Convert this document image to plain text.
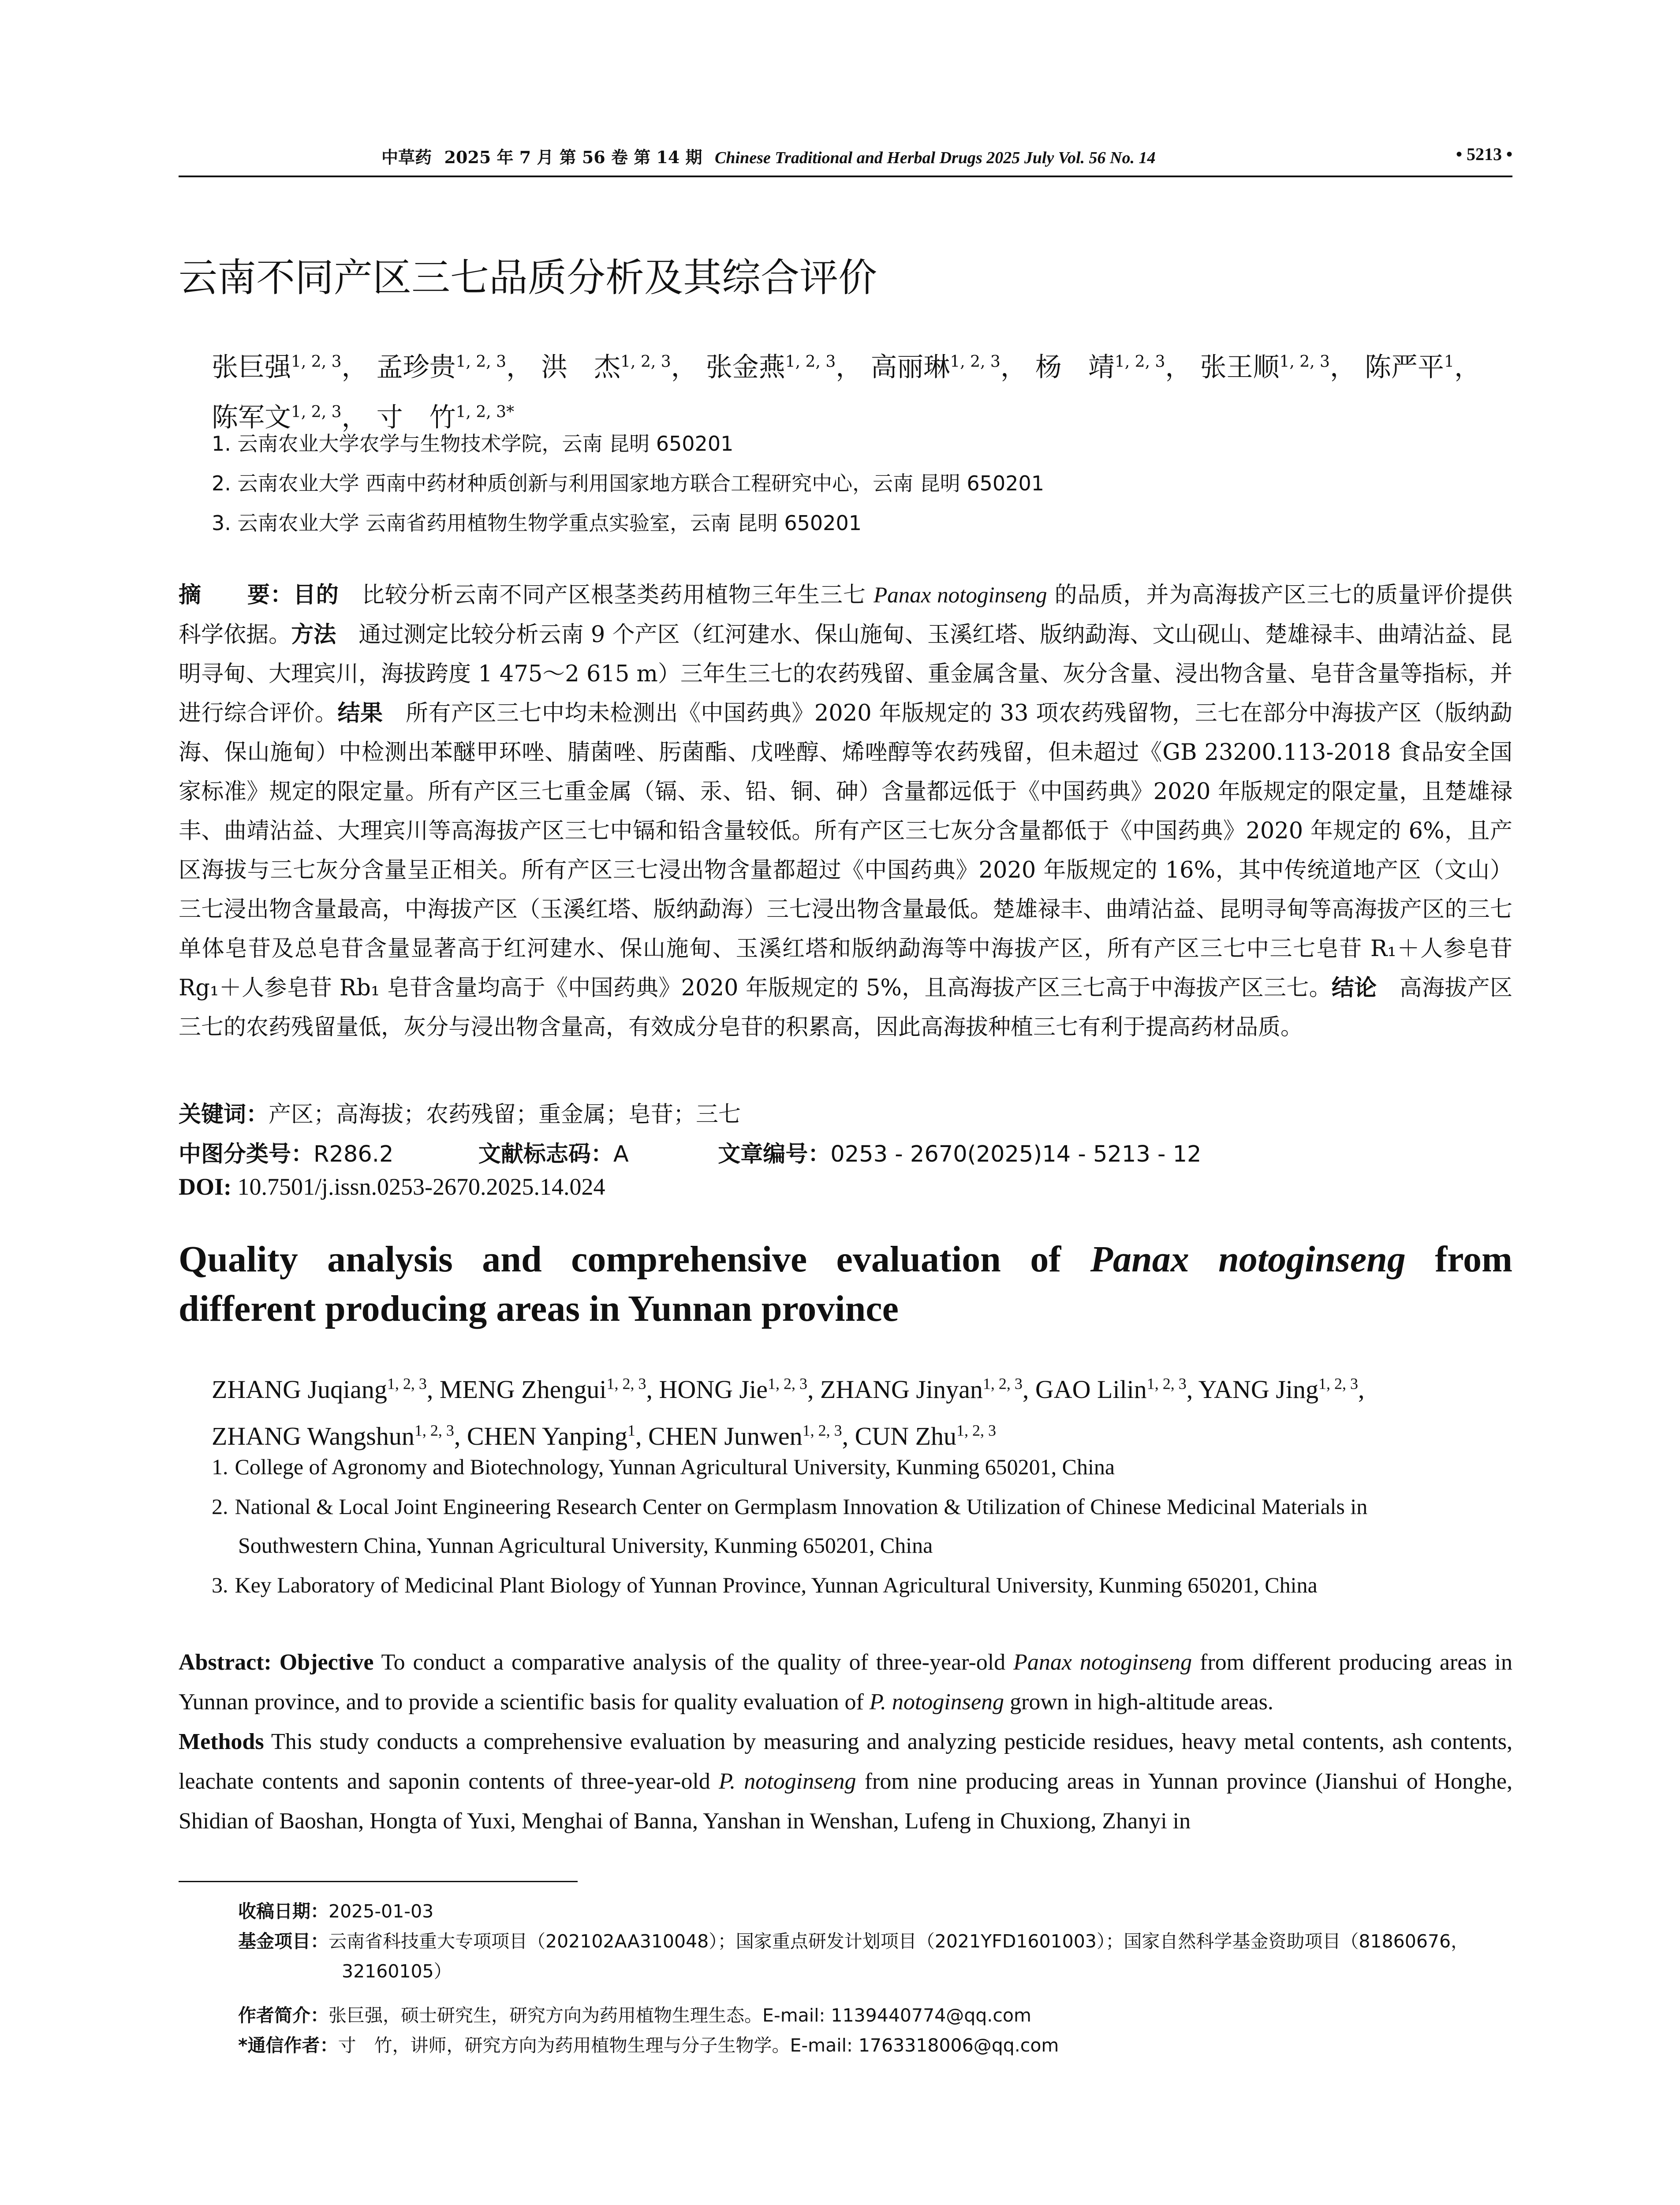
中草药 2025 年 7 月 第 56 卷 第 14 期 Chinese Traditional and Herbal Drugs 2025 July Vol. 56 No. 14	• 5213 •
云南不同产区三七品质分析及其综合评价
张巨强$^{1, 2, 3}$， 孟珍贵$^{1, 2, 3}$， 洪　杰$^{1, 2, 3}$， 张金燕$^{1, 2, 3}$， 高丽琳$^{1, 2, 3}$， 杨　靖$^{1, 2, 3}$， 张王顺$^{1, 2, 3}$， 陈严平$^1$，
陈军文$^{1, 2, 3}$， 寸　竹$^{1, 2, 3*}$
1. 云南农业大学农学与生物技术学院，云南 昆明 650201
2. 云南农业大学 西南中药材种质创新与利用国家地方联合工程研究中心，云南 昆明 650201
3. 云南农业大学 云南省药用植物生物学重点实验室，云南 昆明 650201
摘　　要：目的  比较分析云南不同产区根茎类药用植物三年生三七 Panax notoginseng 的品质，并为高海拔产区三七的质量评价提供科学依据。方法  通过测定比较分析云南 9 个产区（红河建水、保山施甸、玉溪红塔、版纳勐海、文山砚山、楚雄禄丰、曲靖沾益、昆明寻甸、大理宾川，海拔跨度 1 475～2 615 m）三年生三七的农药残留、重金属含量、灰分含量、浸出物含量、皂苷含量等指标，并进行综合评价。结果  所有产区三七中均未检测出《中国药典》2020 年版规定的 33 项农药残留物，三七在部分中海拔产区（版纳勐海、保山施甸）中检测出苯醚甲环唑、腈菌唑、肟菌酯、戊唑醇、烯唑醇等农药残留，但未超过《GB 23200.113-2018 食品安全国家标准》规定的限定量。所有产区三七重金属（镉、汞、铅、铜、砷）含量都远低于《中国药典》2020 年版规定的限定量，且楚雄禄丰、曲靖沾益、大理宾川等高海拔产区三七中镉和铅含量较低。所有产区三七灰分含量都低于《中国药典》2020 年规定的 6%，且产区海拔与三七灰分含量呈正相关。所有产区三七浸出物含量都超过《中国药典》2020 年版规定的 16%，其中传统道地产区（文山）三七浸出物含量最高，中海拔产区（玉溪红塔、版纳勐海）三七浸出物含量最低。楚雄禄丰、曲靖沾益、昆明寻甸等高海拔产区的三七单体皂苷及总皂苷含量显著高于红河建水、保山施甸、玉溪红塔和版纳勐海等中海拔产区，所有产区三七中三七皂苷 R₁＋人参皂苷 Rg₁＋人参皂苷 Rb₁ 皂苷含量均高于《中国药典》2020 年版规定的 5%，且高海拔产区三七高于中海拔产区三七。结论  高海拔产区三七的农药残留量低，灰分与浸出物含量高，有效成分皂苷的积累高，因此高海拔种植三七有利于提高药材品质。
关键词：产区；高海拔；农药残留；重金属；皂苷；三七
中图分类号：R286.2	文献标志码：A	文章编号：0253 - 2670(2025)14 - 5213 - 12
DOI: 10.7501/j.issn.0253-2670.2025.14.024
Quality analysis and comprehensive evaluation of Panax notoginseng from
different producing areas in Yunnan province
ZHANG Juqiang$^{1, 2, 3}$, MENG Zhengui$^{1, 2, 3}$, HONG Jie$^{1, 2, 3}$, ZHANG Jinyan$^{1, 2, 3}$, GAO Lilin$^{1, 2, 3}$, YANG Jing$^{1, 2, 3}$,
ZHANG Wangshun$^{1, 2, 3}$, CHEN Yanping$^1$, CHEN Junwen$^{1, 2, 3}$, CUN Zhu$^{1, 2, 3}$
1. College of Agronomy and Biotechnology, Yunnan Agricultural University, Kunming 650201, China
2. National & Local Joint Engineering Research Center on Germplasm Innovation & Utilization of Chinese Medicinal Materials in
Southwestern China, Yunnan Agricultural University, Kunming 650201, China
3. Key Laboratory of Medicinal Plant Biology of Yunnan Province, Yunnan Agricultural University, Kunming 650201, China
Abstract: Objective To conduct a comparative analysis of the quality of three-year-old Panax notoginseng from different producing areas in Yunnan province, and to provide a scientific basis for quality evaluation of P. notoginseng grown in high-altitude areas.
Methods This study conducts a comprehensive evaluation by measuring and analyzing pesticide residues, heavy metal contents, ash contents, leachate contents and saponin contents of three-year-old P. notoginseng from nine producing areas in Yunnan province (Jianshui of Honghe, Shidian of Baoshan, Hongta of Yuxi, Menghai of Banna, Yanshan in Wenshan, Lufeng in Chuxiong, Zhanyi in
收稿日期：2025-01-03
基金项目：云南省科技重大专项项目（202102AA310048）；国家重点研发计划项目（2021YFD1601003）；国家自然科学基金资助项目（81860676，
32160105）
作者简介：张巨强，硕士研究生，研究方向为药用植物生理生态。E-mail: 1139440774@qq.com
*通信作者：寸　竹，讲师，研究方向为药用植物生理与分子生物学。E-mail: 1763318006@qq.com
